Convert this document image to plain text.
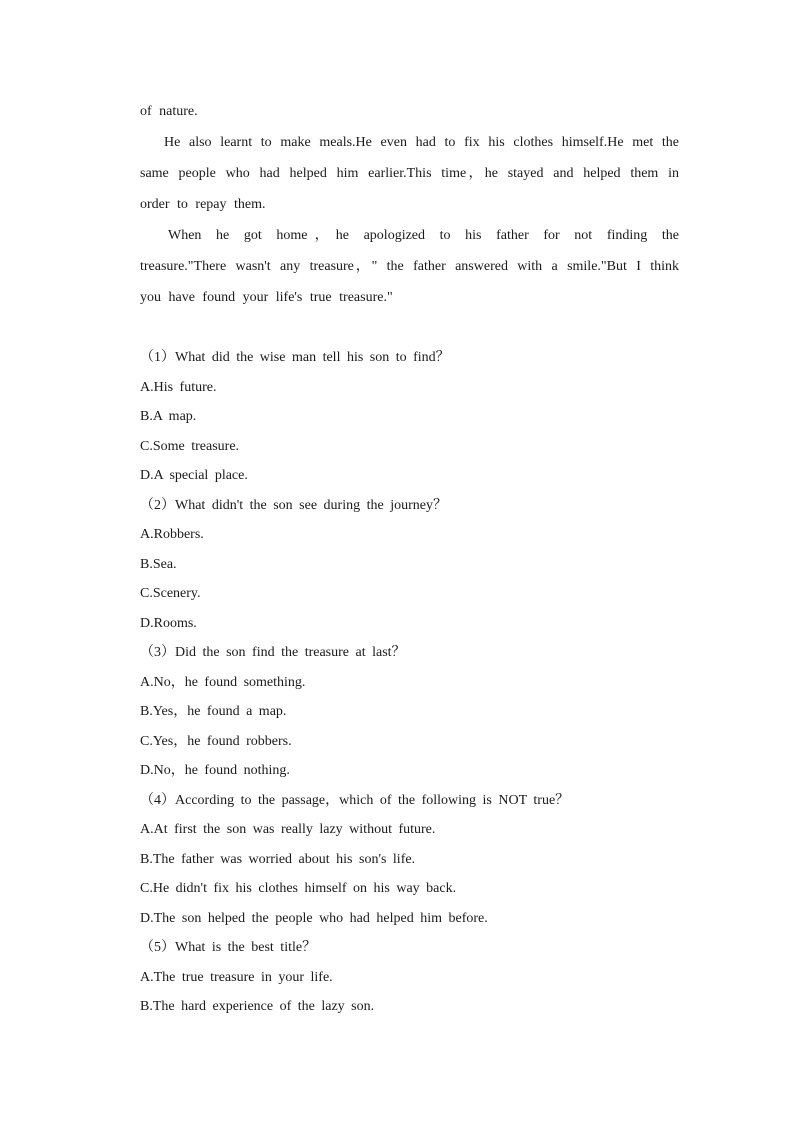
of nature.

He also learnt to make meals.He even had to fix his clothes himself.He met the same people who had helped him earlier.This time，he stayed and helped them in order to repay them.

When he got home，he apologized to his father for not finding the treasure."There wasn't any treasure，" the father answered with a smile."But I think you have found your life's true treasure."

（1）What did the wise man tell his son to find？

A.His future.

B.A map.

C.Some treasure.

D.A special place.

（2）What didn't the son see during the journey？

A.Robbers.

B.Sea.

C.Scenery.

D.Rooms.

（3）Did the son find the treasure at last？

A.No，he found something.

B.Yes，he found a map.

C.Yes，he found robbers.

D.No，he found nothing.

（4）According to the passage，which of the following is NOT true？

A.At first the son was really lazy without future.

B.The father was worried about his son's life.

C.He didn't fix his clothes himself on his way back.

D.The son helped the people who had helped him before.

（5）What is the best title？

A.The true treasure in your life.

B.The hard experience of the lazy son.
